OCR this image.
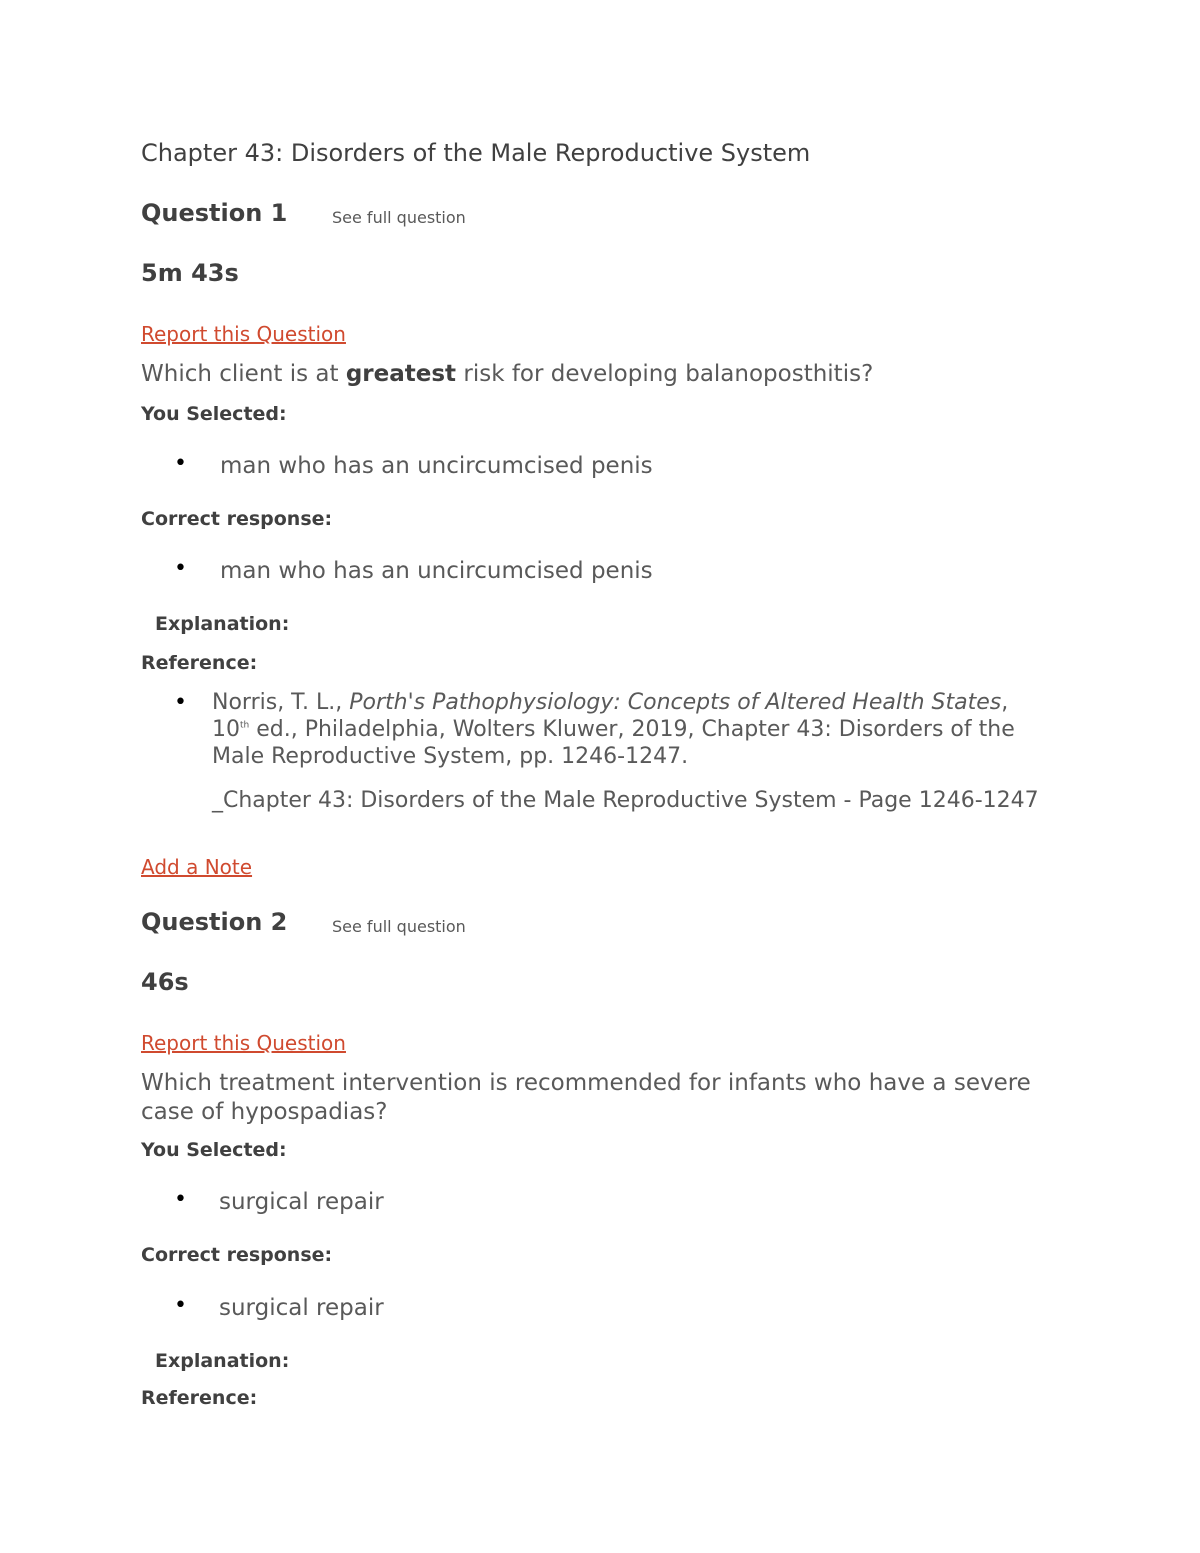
Chapter 43: Disorders of the Male Reproductive System
Question 1	See full question
5m 43s
Report this Question
Which client is at greatest risk for developing balanoposthitis?
You Selected:
• man who has an uncircumcised penis
Correct response:
• man who has an uncircumcised penis
Explanation:
Reference:
• Norris, T. L., Porth's Pathophysiology: Concepts of Altered Health States, 10th ed., Philadelphia, Wolters Kluwer, 2019, Chapter 43: Disorders of the Male Reproductive System, pp. 1246-1247.
_Chapter 43: Disorders of the Male Reproductive System - Page 1246-1247
Add a Note
Question 2	See full question
46s
Report this Question
Which treatment intervention is recommended for infants who have a severe case of hypospadias?
You Selected:
• surgical repair
Correct response:
• surgical repair
Explanation:
Reference:
